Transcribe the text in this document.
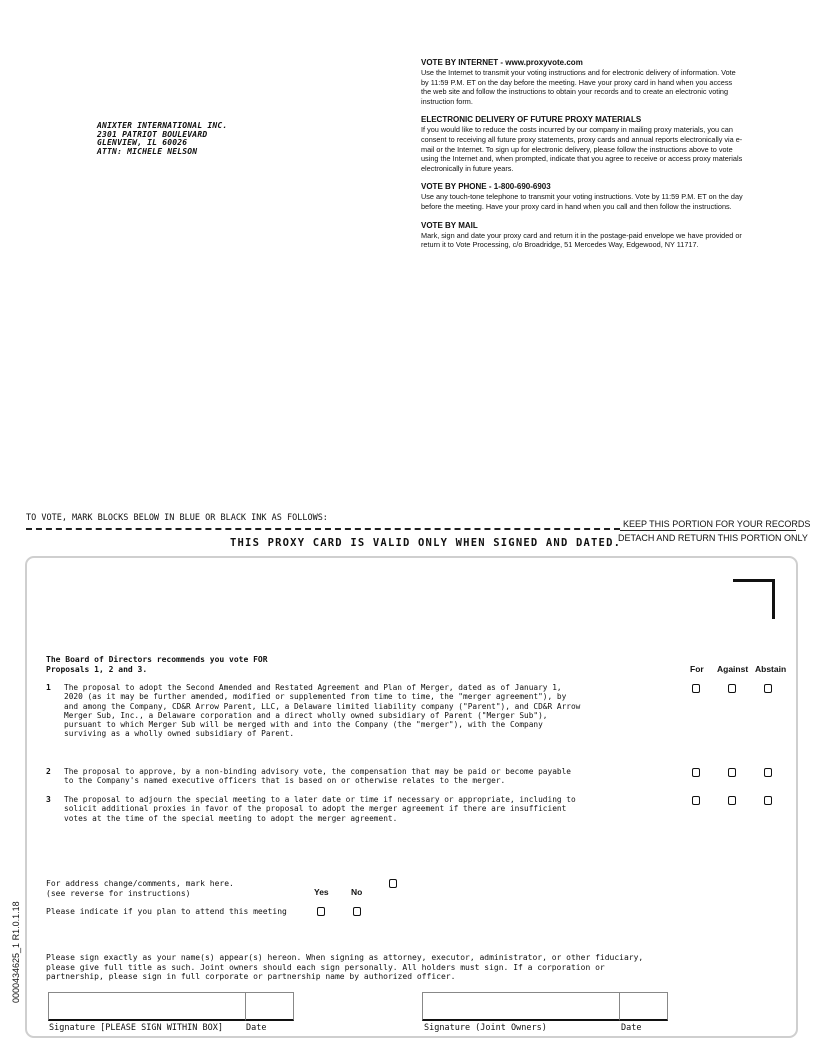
ANIXTER INTERNATIONAL INC.
2301 PATRIOT BOULEVARD
GLENVIEW, IL 60026
ATTN: MICHELE NELSON
VOTE BY INTERNET - www.proxyvote.com

Use the Internet to transmit your voting instructions and for electronic delivery of information. Vote by 11:59 P.M. ET on the day before the meeting. Have your proxy card in hand when you access the web site and follow the instructions to obtain your records and to create an electronic voting instruction form.

ELECTRONIC DELIVERY OF FUTURE PROXY MATERIALS

If you would like to reduce the costs incurred by our company in mailing proxy materials, you can consent to receiving all future proxy statements, proxy cards and annual reports electronically via e-mail or the Internet. To sign up for electronic delivery, please follow the instructions above to vote using the Internet and, when prompted, indicate that you agree to receive or access proxy materials electronically in future years.

VOTE BY PHONE - 1-800-690-6903

Use any touch-tone telephone to transmit your voting instructions. Vote by 11:59 P.M. ET on the day before the meeting. Have your proxy card in hand when you call and then follow the instructions.

VOTE BY MAIL

Mark, sign and date your proxy card and return it in the postage-paid envelope we have provided or return it to Vote Processing, c/o Broadridge, 51 Mercedes Way, Edgewood, NY 11717.

TO VOTE, MARK BLOCKS BELOW IN BLUE OR BLACK INK AS FOLLOWS:
KEEP THIS PORTION FOR YOUR RECORDS
DETACH AND RETURN THIS PORTION ONLY
THIS PROXY CARD IS VALID ONLY WHEN SIGNED AND DATED.
The Board of Directors recommends you vote FOR
Proposals 1, 2 and 3.	For Against Abstain
1 The proposal to adopt the Second Amended and Restated Agreement and Plan of Merger, dated as of January 1,
2020 (as it may be further amended, modified or supplemented from time to time, the "merger agreement"), by
and among the Company, CD&R Arrow Parent, LLC, a Delaware limited liability company ("Parent"), and CD&R Arrow
Merger Sub, Inc., a Delaware corporation and a direct wholly owned subsidiary of Parent ("Merger Sub"),
pursuant to which Merger Sub will be merged with and into the Company (the "merger"), with the Company
surviving as a wholly owned subsidiary of Parent.
2 The proposal to approve, by a non-binding advisory vote, the compensation that may be paid or become payable
to the Company's named executive officers that is based on or otherwise relates to the merger.
3 The proposal to adjourn the special meeting to a later date or time if necessary or appropriate, including to
solicit additional proxies in favor of the proposal to adopt the merger agreement if there are insufficient
votes at the time of the special meeting to adopt the merger agreement.
For address change/comments, mark here.
(see reverse for instructions)	Yes	No
Please indicate if you plan to attend this meeting
Please sign exactly as your name(s) appear(s) hereon. When signing as attorney, executor, administrator, or other fiduciary,
please give full title as such. Joint owners should each sign personally. All holders must sign. If a corporation or
partnership, please sign in full corporate or partnership name by authorized officer.
Signature [PLEASE SIGN WITHIN BOX]	Date	Signature (Joint Owners)	Date
0000434625_1 R1.0.1.18
